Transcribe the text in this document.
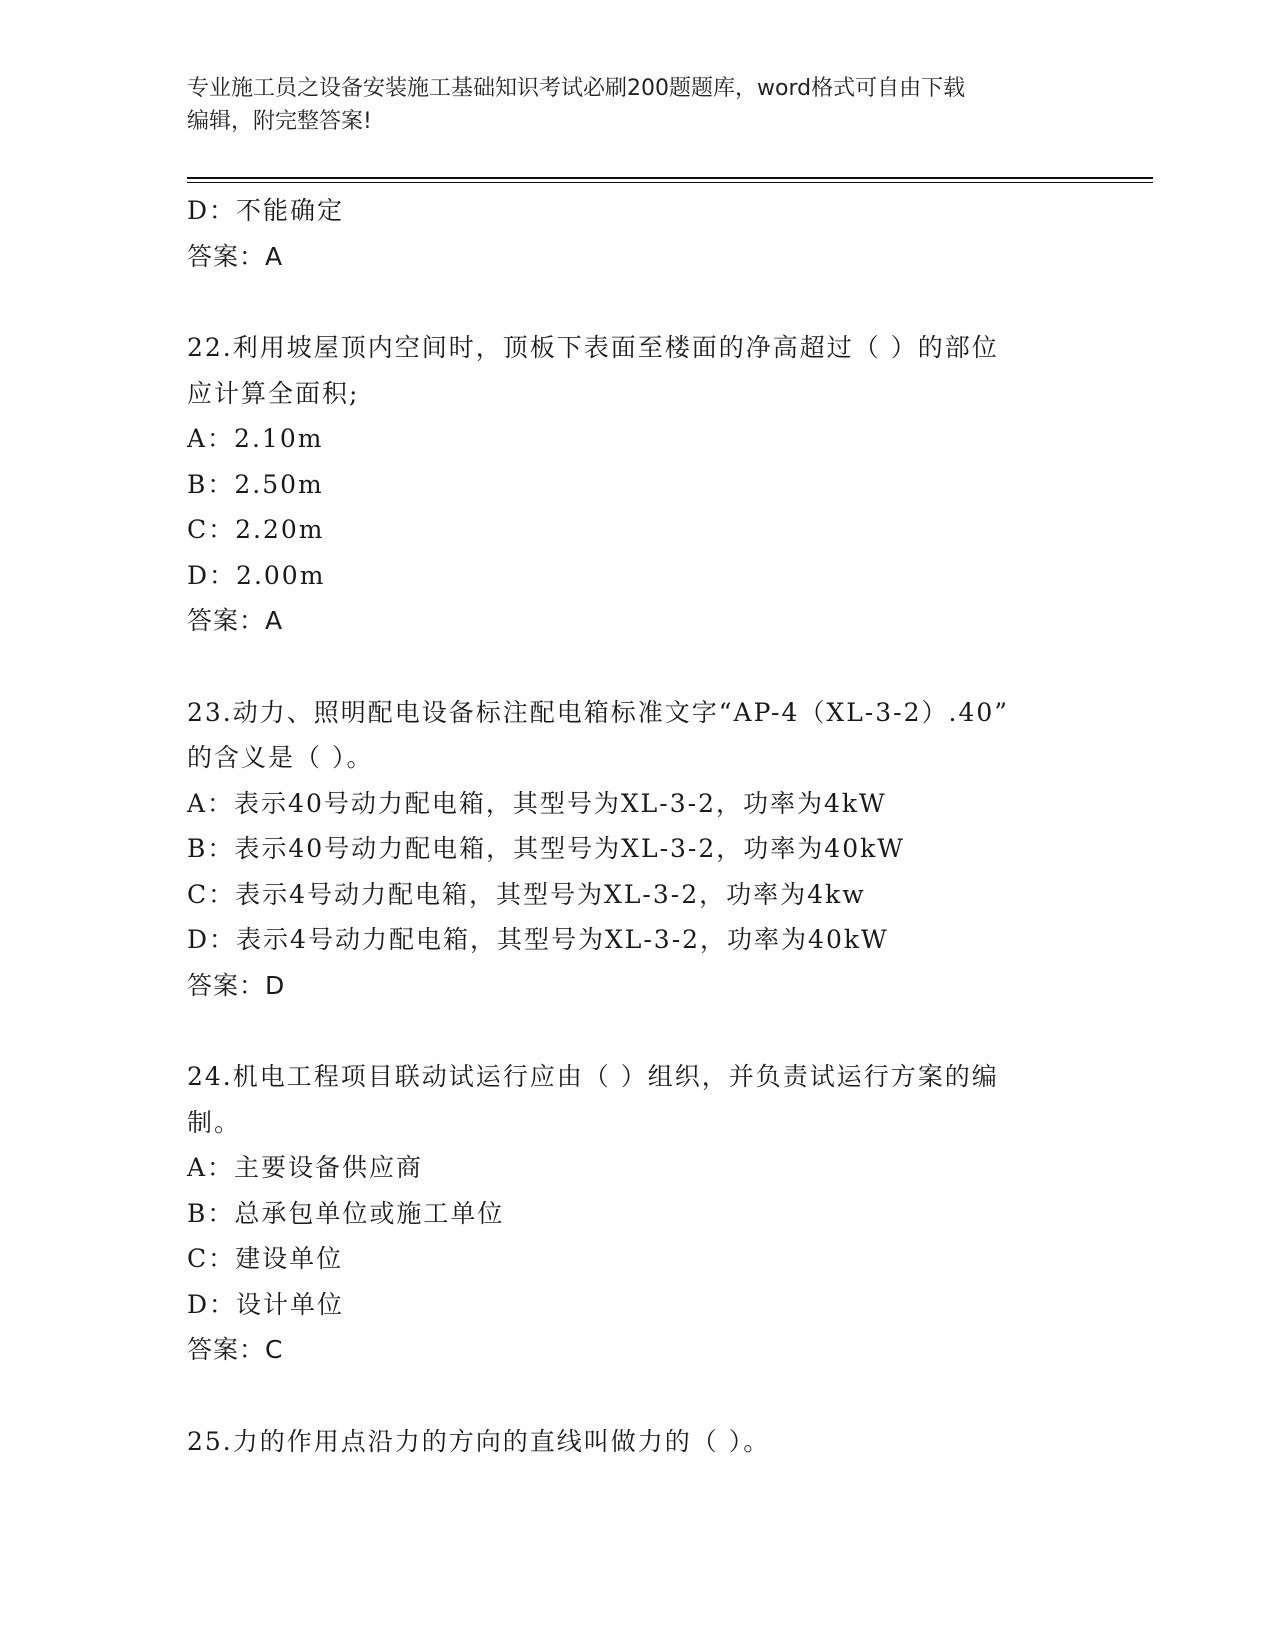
专业施工员之设备安装施工基础知识考试必刷200题题库，word格式可自由下载
编辑，附完整答案!
D：不能确定
答案：A
22.利用坡屋顶内空间时，顶板下表面至楼面的净高超过（ ）的部位
应计算全面积;
A：2.10m
B：2.50m
C：2.20m
D：2.00m
答案：A
23.动力、照明配电设备标注配电箱标准文字“AP-4（XL-3-2）.40”
的含义是（ ）。
A：表示40号动力配电箱，其型号为XL-3-2，功率为4kW
B：表示40号动力配电箱，其型号为XL-3-2，功率为40kW
C：表示4号动力配电箱，其型号为XL-3-2，功率为4kw
D：表示4号动力配电箱，其型号为XL-3-2，功率为40kW
答案：D
24.机电工程项目联动试运行应由（ ）组织，并负责试运行方案的编
制。
A：主要设备供应商
B：总承包单位或施工单位
C：建设单位
D：设计单位
答案：C
25.力的作用点沿力的方向的直线叫做力的（ ）。
